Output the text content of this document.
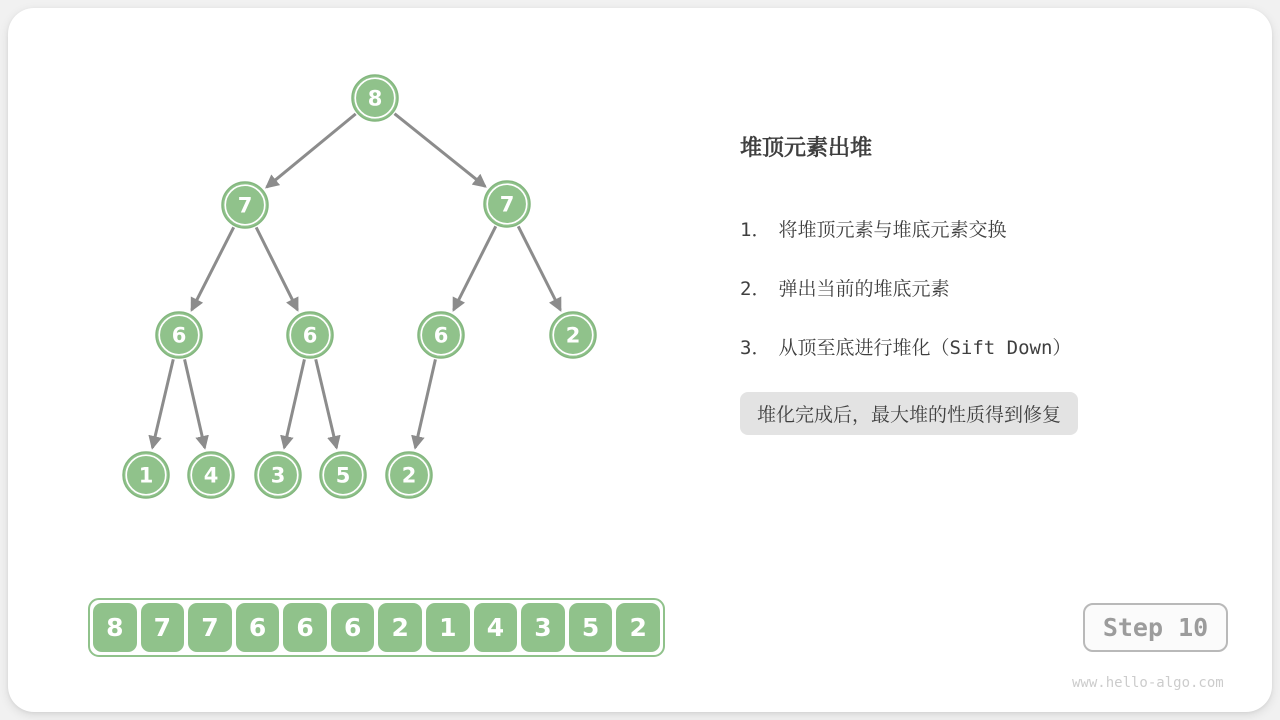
8
7	7
6	6	6	2
1 4 3 5 2
堆顶元素出堆
1． 将堆顶元素与堆底元素交换
2． 弹出当前的堆底元素
3． 从顶至底进行堆化（Sift Down）
堆化完成后，最大堆的性质得到修复
8	7	7	6	6	6	2	1	4	3	5	2	Step 10
www.hello-algo.com
